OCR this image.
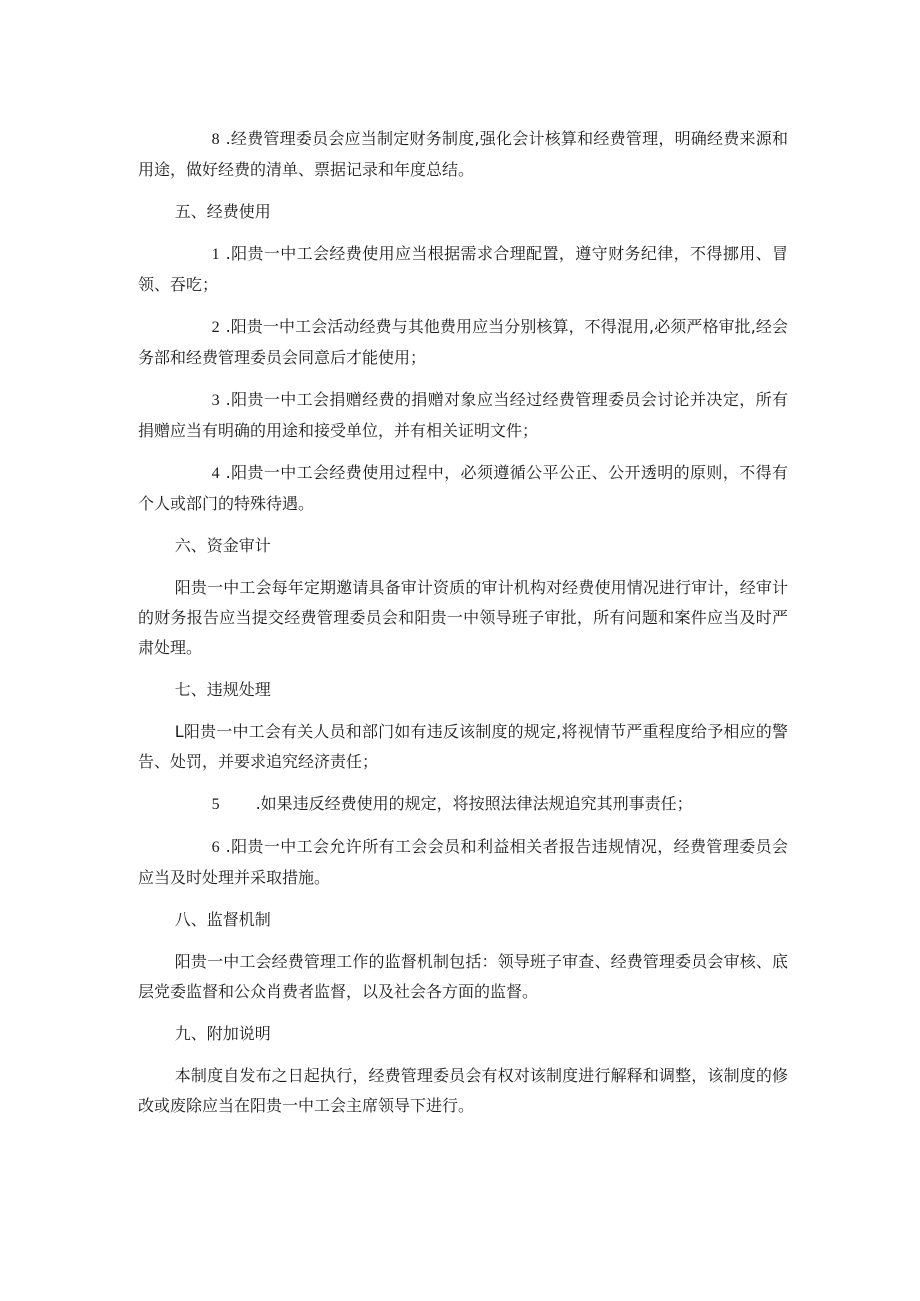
8 .经费管理委员会应当制定财务制度,强化会计核算和经费管理，明确经费来源和用途，做好经费的清单、票据记录和年度总结。

五、经费使用

1 .阳贵一中工会经费使用应当根据需求合理配置，遵守财务纪律，不得挪用、冒领、吞吃；

2 .阳贵一中工会活动经费与其他费用应当分别核算，不得混用,必须严格审批,经会务部和经费管理委员会同意后才能使用；

3 .阳贵一中工会捐赠经费的捐赠对象应当经过经费管理委员会讨论并决定，所有捐赠应当有明确的用途和接受单位，并有相关证明文件；

4 .阳贵一中工会经费使用过程中，必须遵循公平公正、公开透明的原则，不得有个人或部门的特殊待遇。

六、资金审计

阳贵一中工会每年定期邀请具备审计资质的审计机构对经费使用情况进行审计，经审计的财务报告应当提交经费管理委员会和阳贵一中领导班子审批，所有问题和案件应当及时严肃处理。

七、违规处理

L阳贵一中工会有关人员和部门如有违反该制度的规定,将视情节严重程度给予相应的警告、处罚，并要求追究经济责任；

5 .如果违反经费使用的规定，将按照法律法规追究其刑事责任；

6 .阳贵一中工会允许所有工会会员和利益相关者报告违规情况，经费管理委员会应当及时处理并采取措施。

八、监督机制

阳贵一中工会经费管理工作的监督机制包括：领导班子审查、经费管理委员会审核、底层党委监督和公众肖费者监督，以及社会各方面的监督。

九、附加说明

本制度自发布之日起执行，经费管理委员会有权对该制度进行解释和调整，该制度的修改或废除应当在阳贵一中工会主席领导下进行。
